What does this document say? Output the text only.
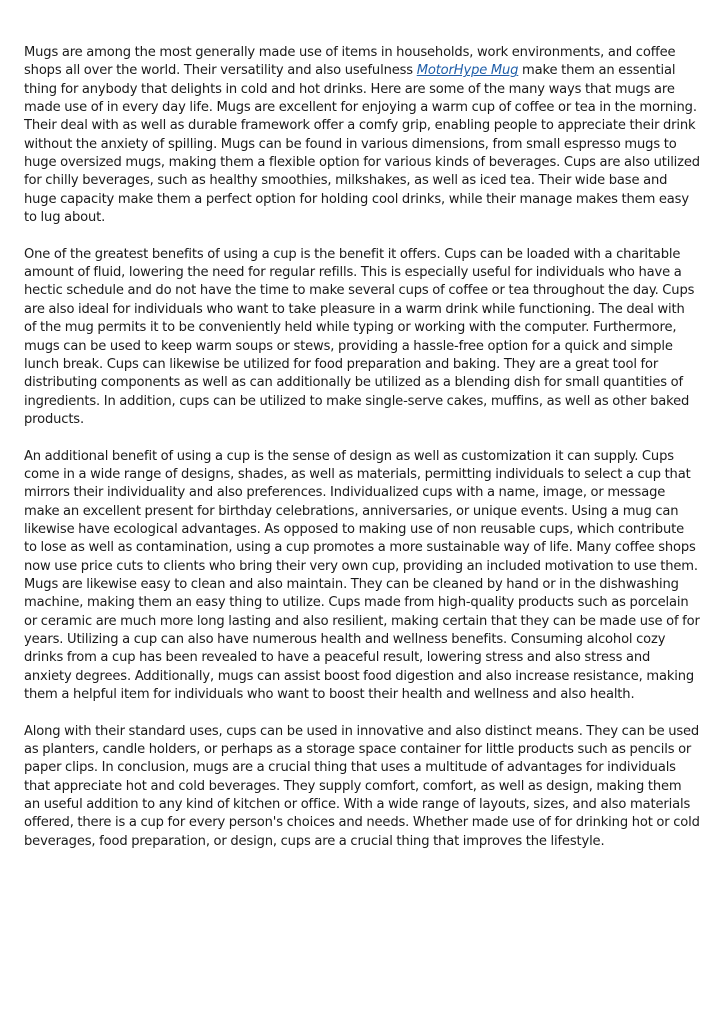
Mugs are among the most generally made use of items in households, work environments, and coffee shops all over the world. Their versatility and also usefulness MotorHype Mug make them an essential thing for anybody that delights in cold and hot drinks. Here are some of the many ways that mugs are made use of in every day life. Mugs are excellent for enjoying a warm cup of coffee or tea in the morning. Their deal with as well as durable framework offer a comfy grip, enabling people to appreciate their drink without the anxiety of spilling. Mugs can be found in various dimensions, from small espresso mugs to huge oversized mugs, making them a flexible option for various kinds of beverages. Cups are also utilized for chilly beverages, such as healthy smoothies, milkshakes, as well as iced tea. Their wide base and huge capacity make them a perfect option for holding cool drinks, while their manage makes them easy to lug about.

One of the greatest benefits of using a cup is the benefit it offers. Cups can be loaded with a charitable amount of fluid, lowering the need for regular refills. This is especially useful for individuals who have a hectic schedule and do not have the time to make several cups of coffee or tea throughout the day. Cups are also ideal for individuals who want to take pleasure in a warm drink while functioning. The deal with of the mug permits it to be conveniently held while typing or working with the computer. Furthermore, mugs can be used to keep warm soups or stews, providing a hassle-free option for a quick and simple lunch break. Cups can likewise be utilized for food preparation and baking. They are a great tool for distributing components as well as can additionally be utilized as a blending dish for small quantities of ingredients. In addition, cups can be utilized to make single-serve cakes, muffins, as well as other baked products.

An additional benefit of using a cup is the sense of design as well as customization it can supply. Cups come in a wide range of designs, shades, as well as materials, permitting individuals to select a cup that mirrors their individuality and also preferences. Individualized cups with a name, image, or message make an excellent present for birthday celebrations, anniversaries, or unique events. Using a mug can likewise have ecological advantages. As opposed to making use of non reusable cups, which contribute to lose as well as contamination, using a cup promotes a more sustainable way of life. Many coffee shops now use price cuts to clients who bring their very own cup, providing an included motivation to use them. Mugs are likewise easy to clean and also maintain. They can be cleaned by hand or in the dishwashing machine, making them an easy thing to utilize. Cups made from high-quality products such as porcelain or ceramic are much more long lasting and also resilient, making certain that they can be made use of for years. Utilizing a cup can also have numerous health and wellness benefits. Consuming alcohol cozy drinks from a cup has been revealed to have a peaceful result, lowering stress and also stress and anxiety degrees. Additionally, mugs can assist boost food digestion and also increase resistance, making them a helpful item for individuals who want to boost their health and wellness and also health.

Along with their standard uses, cups can be used in innovative and also distinct means. They can be used as planters, candle holders, or perhaps as a storage space container for little products such as pencils or paper clips. In conclusion, mugs are a crucial thing that uses a multitude of advantages for individuals that appreciate hot and cold beverages. They supply comfort, comfort, as well as design, making them an useful addition to any kind of kitchen or office. With a wide range of layouts, sizes, and also materials offered, there is a cup for every person's choices and needs. Whether made use of for drinking hot or cold beverages, food preparation, or design, cups are a crucial thing that improves the lifestyle.
